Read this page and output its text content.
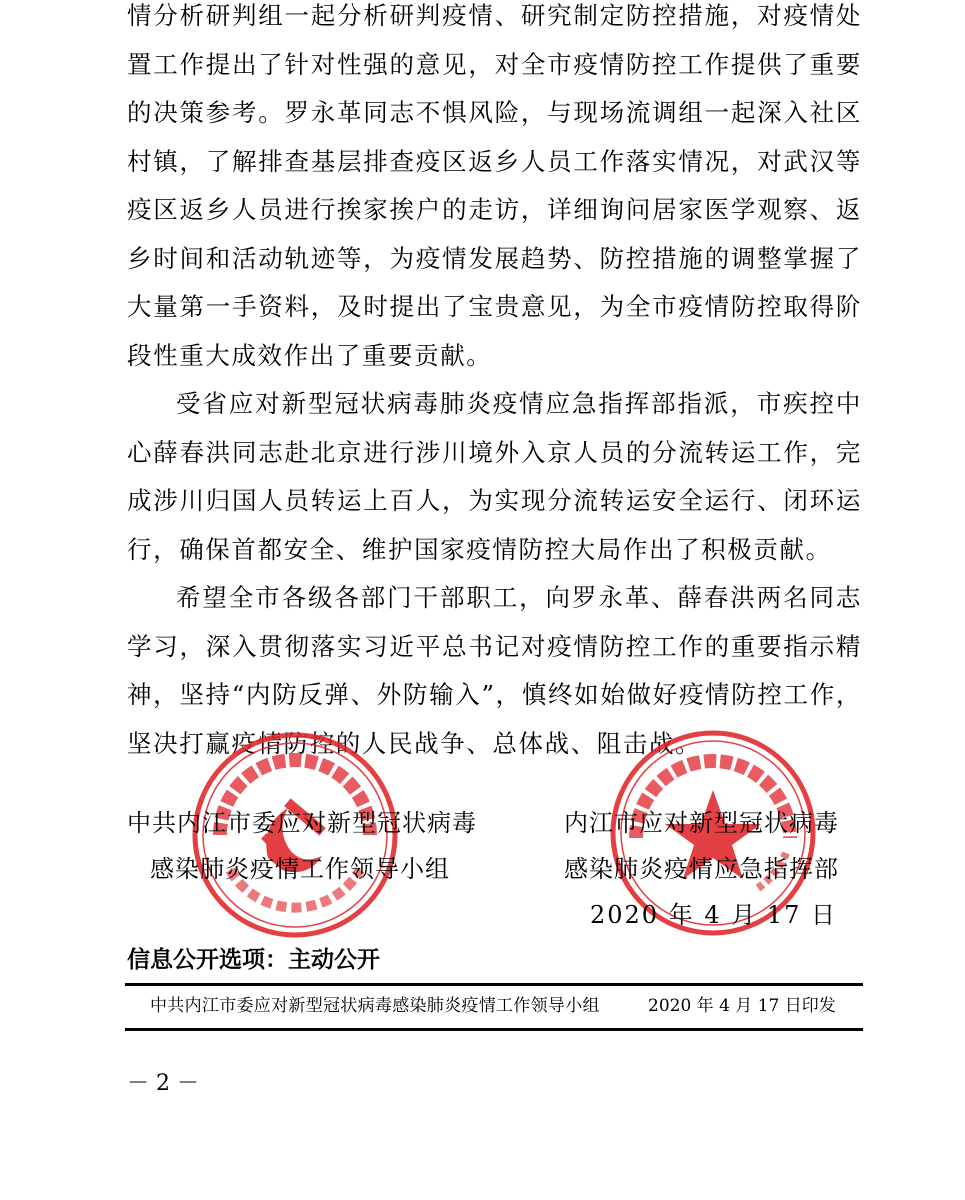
情分析研判组一起分析研判疫情、研究制定防控措施，对疫情处置工作提出了针对性强的意见，对全市疫情防控工作提供了重要的决策参考。罗永革同志不惧风险，与现场流调组一起深入社区村镇，了解排查基层排查疫区返乡人员工作落实情况，对武汉等疫区返乡人员进行挨家挨户的走访，详细询问居家医学观察、返乡时间和活动轨迹等，为疫情发展趋势、防控措施的调整掌握了大量第一手资料，及时提出了宝贵意见，为全市疫情防控取得阶段性重大成效作出了重要贡献。

受省应对新型冠状病毒肺炎疫情应急指挥部指派，市疾控中心薛春洪同志赴北京进行涉川境外入京人员的分流转运工作，完成涉川归国人员转运上百人，为实现分流转运安全运行、闭环运行，确保首都安全、维护国家疫情防控大局作出了积极贡献。

希望全市各级各部门干部职工，向罗永革、薛春洪两名同志学习，深入贯彻落实习近平总书记对疫情防控工作的重要指示精神，坚持“内防反弹、外防输入”，慎终如始做好疫情防控工作，坚决打赢疫情防控的人民战争、总体战、阻击战。

中共内江市委应对新型冠状病毒
感染肺炎疫情工作领导小组
内江市应对新型冠状病毒
感染肺炎疫情应急指挥部
2020 年 4 月 17 日
信息公开选项：主动公开
中共内江市委应对新型冠状病毒感染肺炎疫情工作领导小组	2020 年 4 月 17 日印发
－ 2 －
